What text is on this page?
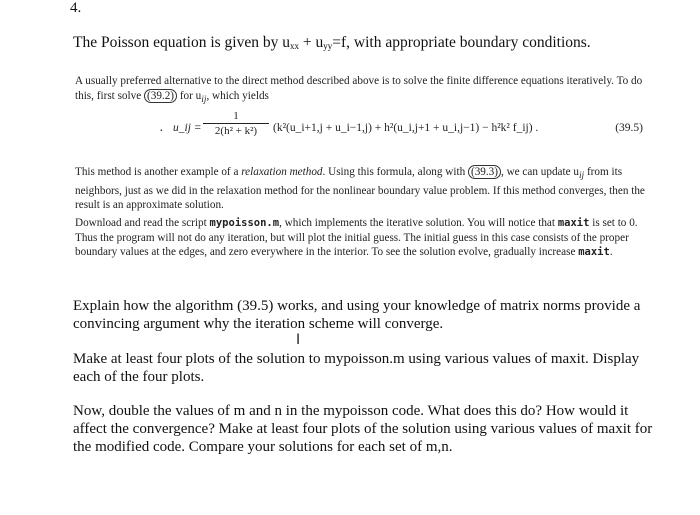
4.
The Poisson equation is given by $u_{xx} + u_{yy}=f$, with appropriate boundary conditions.
A usually preferred alternative to the direct method described above is to solve the finite difference equations iteratively. To do this, first solve (39.2) for $u_{ij}$, which yields
· u_ij =
1
2(h² + k²)	(k²(u_i+1,j + u_i−1,j) + h²(u_i,j+1 + u_i,j−1) − h²k² f_ij) .	(39.5)
This method is another example of a relaxation method. Using this formula, along with (39.3) , we can update $u_{ij}$ from its neighbors, just as we did in the relaxation method for the nonlinear boundary value problem. If this method converges, then the result is an approximate solution.
Download and read the script mypoisson.m, which implements the iterative solution. You will notice that maxit is set to 0. Thus the program will not do any iteration, but will plot the initial guess. The initial guess in this case consists of the proper boundary values at the edges, and zero everywhere in the interior. To see the solution evolve, gradually increase maxit.
Explain how the algorithm (39.5) works, and using your knowledge of matrix norms provide a convincing argument why the iteration scheme will converge.
I
Make at least four plots of the solution to mypoisson.m using various values of maxit. Display each of the four plots.
Now, double the values of m and n in the mypoisson code. What does this do? How would it affect the convergence? Make at least four plots of the solution using various values of maxit for the modified code. Compare your solutions for each set of m,n.
